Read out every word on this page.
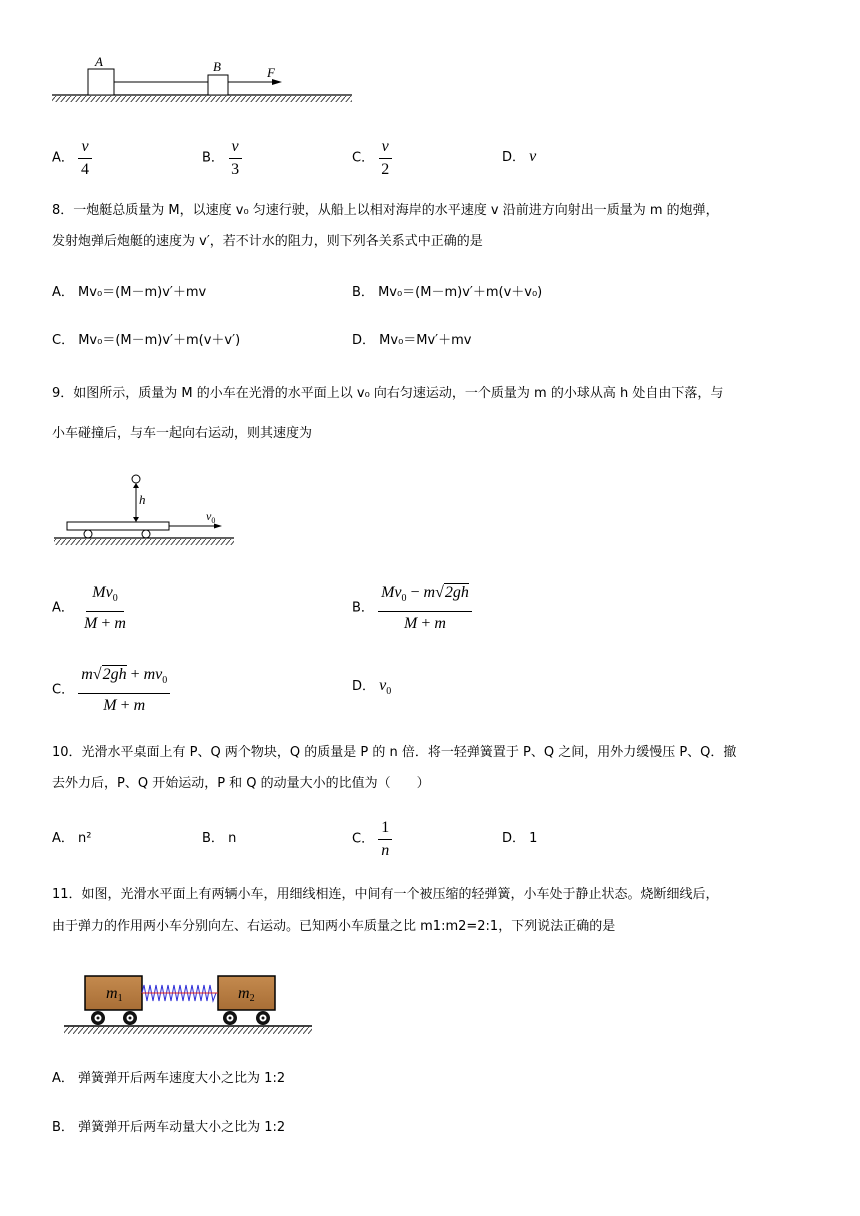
A	B	F
A． $\frac{v}{4}$	B． $\frac{v}{3}$	C． $\frac{v}{2}$	D． v
8．一炮艇总质量为 M，以速度 v₀ 匀速行驶，从船上以相对海岸的水平速度 v 沿前进方向射出一质量为 m 的炮弹，
发射炮弹后炮艇的速度为 v′，若不计水的阻力，则下列各关系式中正确的是
A． Mv₀＝(M－m)v′＋mv	B． Mv₀＝(M－m)v′＋m(v＋v₀)
C． Mv₀＝(M－m)v′＋m(v＋v′)	D． Mv₀＝Mv′＋mv
9．如图所示，质量为 M 的小车在光滑的水平面上以 v₀ 向右匀速运动，一个质量为 m 的小球从高 h 处自由下落，与
小车碰撞后，与车一起向右运动，则其速度为
h
$v_0$
A． $\frac{Mv_0}{M + m}$	B． $\frac{Mv_0 - m√2gh}{M + m}$
C． $\frac{m√2gh + mv_0}{M + m}$	D． $v_0$
10．光滑水平桌面上有 P、Q 两个物块，Q 的质量是 P 的 n 倍．将一轻弹簧置于 P、Q 之间，用外力缓慢压 P、Q．撤
去外力后，P、Q 开始运动，P 和 Q 的动量大小的比值为（　　）
A． n²	B． n	C． $\frac{1}{n}$	D． 1
11．如图，光滑水平面上有两辆小车，用细线相连，中间有一个被压缩的轻弹簧，小车处于静止状态。烧断细线后，
由于弹力的作用两小车分别向左、右运动。已知两小车质量之比 m1:m2=2:1，下列说法正确的是
m1	m2
A． 弹簧弹开后两车速度大小之比为 1:2
B． 弹簧弹开后两车动量大小之比为 1:2
